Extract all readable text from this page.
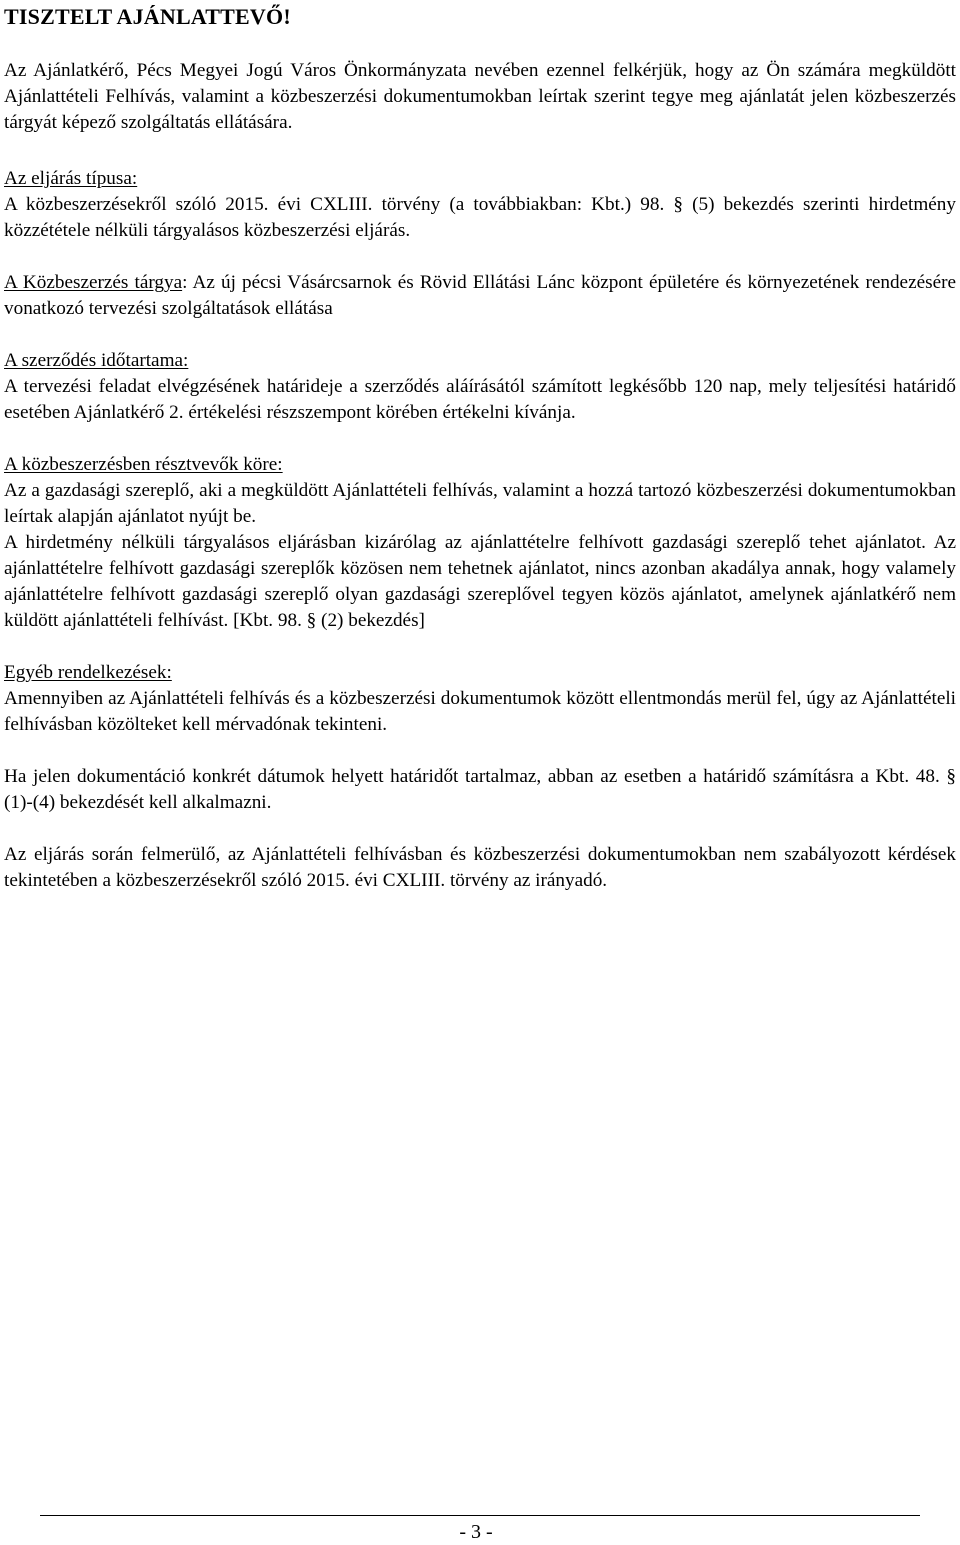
TISZTELT AJÁNLATTEVŐ!

Az Ajánlatkérő, Pécs Megyei Jogú Város Önkormányzata nevében ezennel felkérjük, hogy az Ön számára megküldött Ajánlattételi Felhívás, valamint a közbeszerzési dokumentumokban leírtak szerint tegye meg ajánlatát jelen közbeszerzés tárgyát képező szolgáltatás ellátására.

Az eljárás típusa:

A közbeszerzésekről szóló 2015. évi CXLIII. törvény (a továbbiakban: Kbt.) 98. § (5) bekezdés szerinti hirdetmény közzététele nélküli tárgyalásos közbeszerzési eljárás.

A Közbeszerzés tárgya: Az új pécsi Vásárcsarnok és Rövid Ellátási Lánc központ épületére és környezetének rendezésére vonatkozó tervezési szolgáltatások ellátása

A szerződés időtartama:

A tervezési feladat elvégzésének határideje a szerződés aláírásától számított legkésőbb 120 nap, mely teljesítési határidő esetében Ajánlatkérő 2. értékelési részszempont körében értékelni kívánja.

A közbeszerzésben résztvevők köre:

Az a gazdasági szereplő, aki a megküldött Ajánlattételi felhívás, valamint a hozzá tartozó közbeszerzési dokumentumokban leírtak alapján ajánlatot nyújt be.

A hirdetmény nélküli tárgyalásos eljárásban kizárólag az ajánlattételre felhívott gazdasági szereplő tehet ajánlatot. Az ajánlattételre felhívott gazdasági szereplők közösen nem tehetnek ajánlatot, nincs azonban akadálya annak, hogy valamely ajánlattételre felhívott gazdasági szereplő olyan gazdasági szereplővel tegyen közös ajánlatot, amelynek ajánlatkérő nem küldött ajánlattételi felhívást. [Kbt. 98. § (2) bekezdés]

Egyéb rendelkezések:

Amennyiben az Ajánlattételi felhívás és a közbeszerzési dokumentumok között ellentmondás merül fel, úgy az Ajánlattételi felhívásban közölteket kell mérvadónak tekinteni.

Ha jelen dokumentáció konkrét dátumok helyett határidőt tartalmaz, abban az esetben a határidő számításra a Kbt. 48. § (1)-(4) bekezdését kell alkalmazni.

Az eljárás során felmerülő, az Ajánlattételi felhívásban és közbeszerzési dokumentumokban nem szabályozott kérdések tekintetében a közbeszerzésekről szóló 2015. évi CXLIII. törvény az irányadó.

- 3 -
